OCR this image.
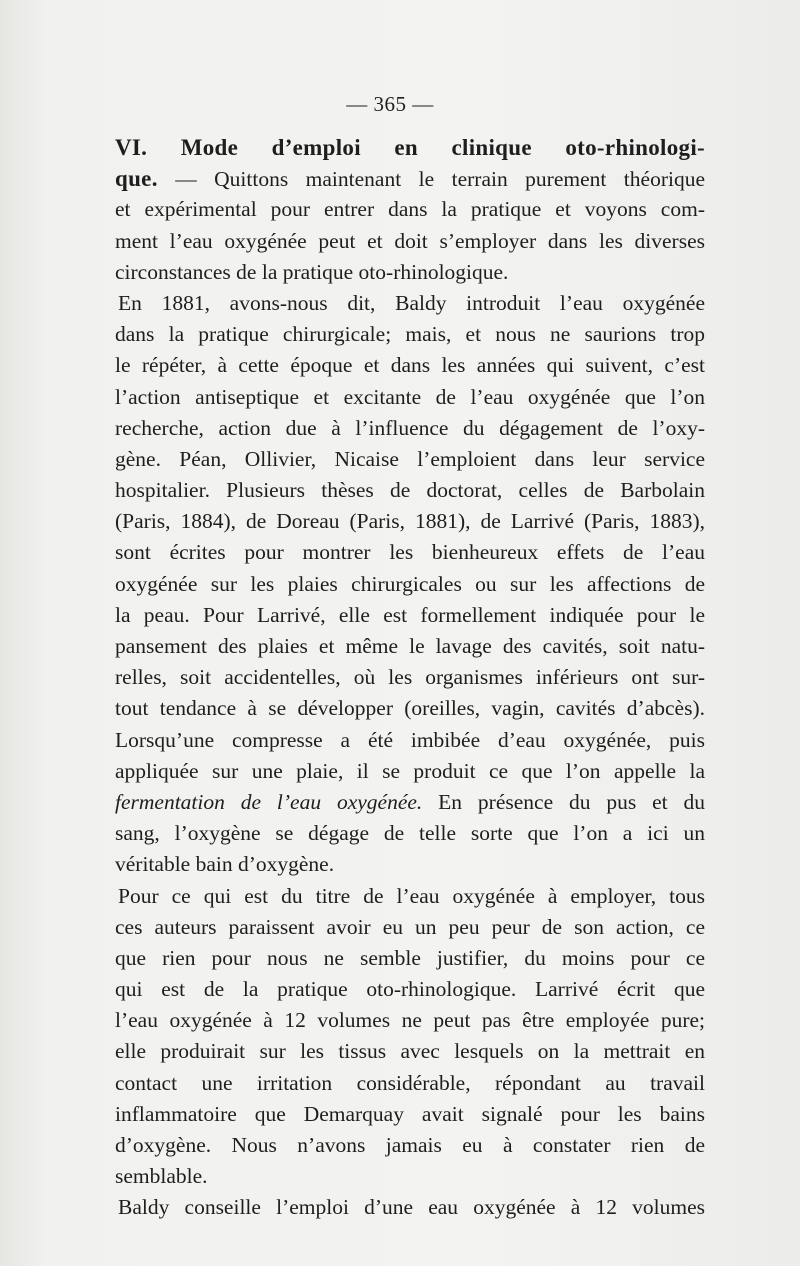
— 365 —
VI. Mode d’emploi en clinique oto-rhinologi-
que. — Quittons maintenant le terrain purement théorique
et expérimental pour entrer dans la pratique et voyons com-
ment l’eau oxygénée peut et doit s’employer dans les diverses
circonstances de la pratique oto-rhinologique.
En 1881, avons-nous dit, Baldy introduit l’eau oxygénée
dans la pratique chirurgicale; mais, et nous ne saurions trop
le répéter, à cette époque et dans les années qui suivent, c’est
l’action antiseptique et excitante de l’eau oxygénée que l’on
recherche, action due à l’influence du dégagement de l’oxy-
gène. Péan, Ollivier, Nicaise l’emploient dans leur service
hospitalier. Plusieurs thèses de doctorat, celles de Barbolain
(Paris, 1884), de Doreau (Paris, 1881), de Larrivé (Paris, 1883),
sont écrites pour montrer les bienheureux effets de l’eau
oxygénée sur les plaies chirurgicales ou sur les affections de
la peau. Pour Larrivé, elle est formellement indiquée pour le
pansement des plaies et même le lavage des cavités, soit natu-
relles, soit accidentelles, où les organismes inférieurs ont sur-
tout tendance à se développer (oreilles, vagin, cavités d’abcès).
Lorsqu’une compresse a été imbibée d’eau oxygénée, puis
appliquée sur une plaie, il se produit ce que l’on appelle la
fermentation de l’eau oxygénée. En présence du pus et du
sang, l’oxygène se dégage de telle sorte que l’on a ici un
véritable bain d’oxygène.
Pour ce qui est du titre de l’eau oxygénée à employer, tous
ces auteurs paraissent avoir eu un peu peur de son action, ce
que rien pour nous ne semble justifier, du moins pour ce
qui est de la pratique oto-rhinologique. Larrivé écrit que
l’eau oxygénée à 12 volumes ne peut pas être employée pure;
elle produirait sur les tissus avec lesquels on la mettrait en
contact une irritation considérable, répondant au travail
inflammatoire que Demarquay avait signalé pour les bains
d’oxygène. Nous n’avons jamais eu à constater rien de
semblable.
Baldy conseille l’emploi d’une eau oxygénée à 12 volumes
